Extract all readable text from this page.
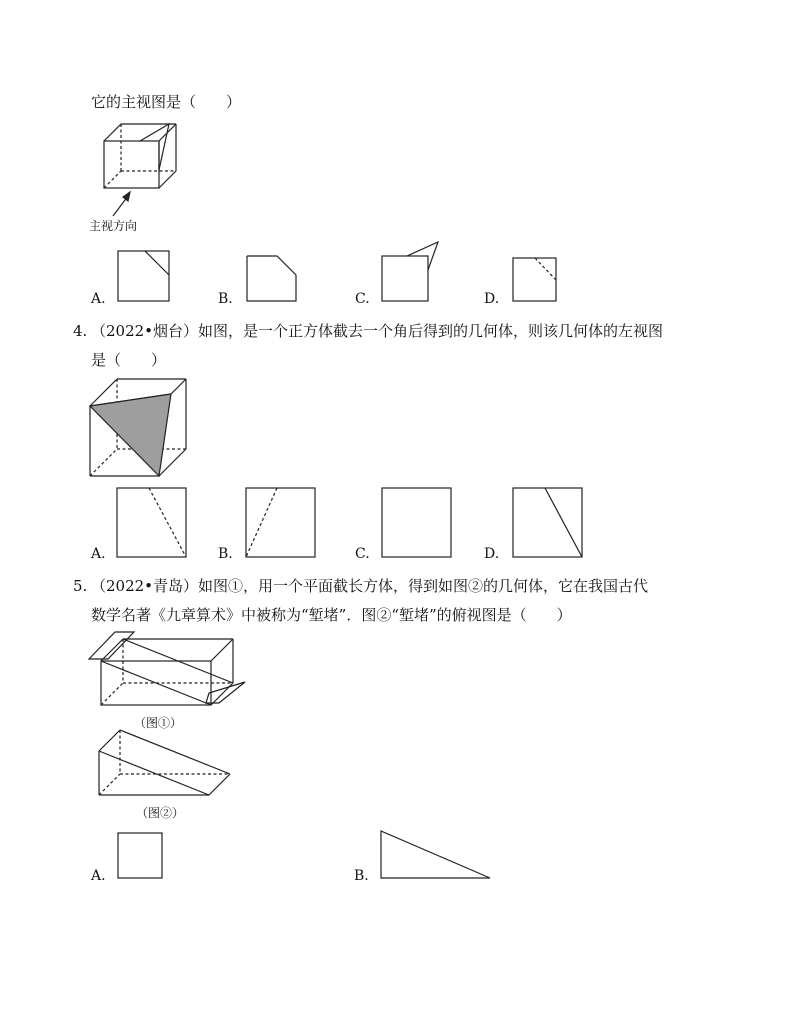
它的主视图是（　　）
主视方向
A.	B.	C.	D.
4. （2022•烟台）如图，是一个正方体截去一个角后得到的几何体，则该几何体的左视图
是（　　）
A.	B.	C.	D.
5. （2022•青岛）如图①，用一个平面截长方体，得到如图②的几何体，它在我国古代
数学名著《九章算术》中被称为“堑堵”．图②“堑堵”的俯视图是（　　）
（图①）
（图②）
A.	B.
